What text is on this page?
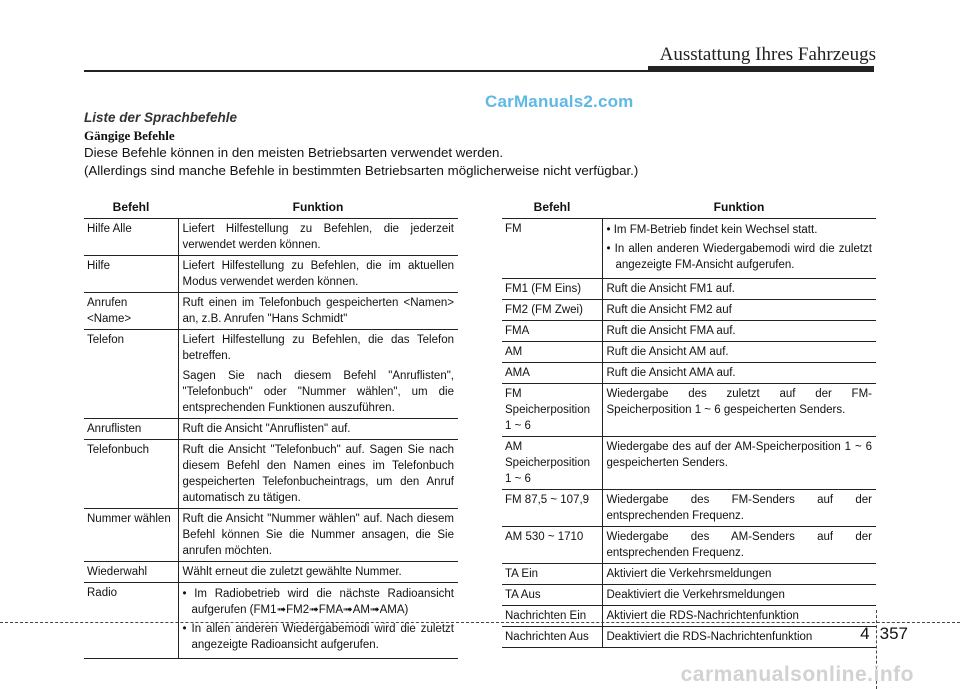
Ausstattung Ihres Fahrzeugs
CarManuals2.com
Liste der Sprachbefehle
Gängige Befehle
Diese Befehle können in den meisten Betriebsarten verwendet werden.
(Allerdings sind manche Befehle in bestimmten Betriebsarten möglicherweise nicht verfügbar.)
Befehl	Funktion
Hilfe Alle	Liefert Hilfestellung zu Befehlen, die jederzeit verwendet werden können.

Hilfe	Liefert Hilfestellung zu Befehlen, die im aktuellen Modus verwendet werden können.

Anrufen <Name>	Ruft einen im Telefonbuch gespeicherten <Namen> an, z.B. Anrufen "Hans Schmidt"

Telefon	Liefert Hilfestellung zu Befehlen, die das Telefon betreffen.
Sagen Sie nach diesem Befehl "Anruflisten", "Telefonbuch" oder "Nummer wählen", um die entsprechenden Funktionen auszuführen.

Anruflisten	Ruft die Ansicht "Anruflisten" auf.

Telefonbuch	Ruft die Ansicht "Telefonbuch" auf. Sagen Sie nach diesem Befehl den Namen eines im Telefonbuch gespeicherten Telefonbucheintrags, um den Anruf automatisch zu tätigen.

Nummer wählen	Ruft die Ansicht "Nummer wählen" auf. Nach diesem Befehl können Sie die Nummer ansagen, die Sie anrufen möchten.

Wiederwahl	Wählt erneut die zuletzt gewählte Nummer.

Radio	• Im Radiobetrieb wird die nächste Radioansicht aufgerufen (FM1➟FM2➟FMA➟AM➟AMA)
• In allen anderen Wiedergabemodi wird die zuletzt angezeigte Radioansicht aufgerufen.
Befehl	Funktion
FM	• Im FM-Betrieb findet kein Wechsel statt.
• In allen anderen Wiedergabemodi wird die zuletzt angezeigte FM-Ansicht aufgerufen.

FM1 (FM Eins)	Ruft die Ansicht FM1 auf.

FM2 (FM Zwei)	Ruft die Ansicht FM2 auf

FMA	Ruft die Ansicht FMA auf.

AM	Ruft die Ansicht AM auf.

AMA	Ruft die Ansicht AMA auf.

FM Speicherposition 1 ~ 6	Wiedergabe des zuletzt auf der FM-Speicherposition 1 ~ 6 gespeicherten Senders.

AM Speicherposition 1 ~ 6	Wiedergabe des auf der AM-Speicherposition 1 ~ 6 gespeicherten Senders.

FM 87,5 ~ 107,9	Wiedergabe des FM-Senders auf der entsprechenden Frequenz.

AM 530 ~ 1710	Wiedergabe des AM-Senders auf der entsprechenden Frequenz.

TA Ein	Aktiviert die Verkehrsmeldungen

TA Aus	Deaktiviert die Verkehrsmeldungen

Nachrichten Ein	Aktiviert die RDS-Nachrichtenfunktion

Nachrichten Aus	Deaktiviert die RDS-Nachrichtenfunktion	4 357
carmanualsonline.info
